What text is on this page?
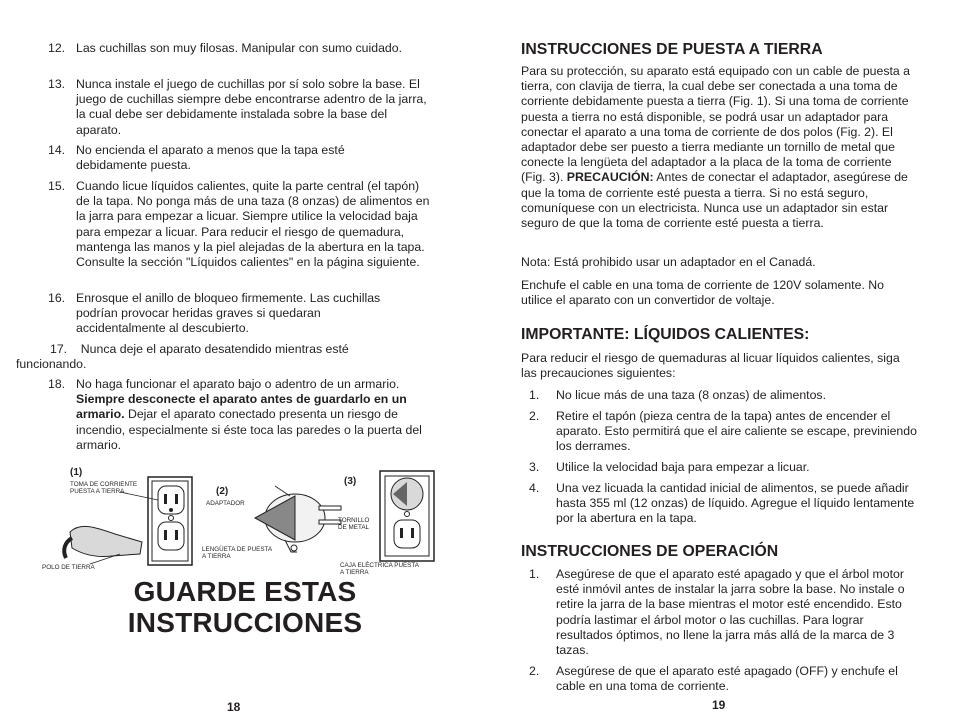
12. Las cuchillas son muy filosas. Manipular con sumo cuidado.
13. Nunca instale el juego de cuchillas por sí solo sobre la base. El juego de cuchillas siempre debe encontrarse adentro de la jarra, la cual debe ser debidamente instalada sobre la base del aparato.
14. No encienda el aparato a menos que la tapa esté debidamente puesta.
15. Cuando licue líquidos calientes, quite la parte central (el tapón) de la tapa. No ponga más de una taza (8 onzas) de alimentos en la jarra para empezar a licuar. Siempre utilice la velocidad baja para empezar a licuar. Para reducir el riesgo de quemadura, mantenga las manos y la piel alejadas de la abertura en la tapa. Consulte la sección "Líquidos calientes" en la página siguiente.
16. Enrosque el anillo de bloqueo firmemente. Las cuchillas podrían provocar heridas graves si quedaran accidentalmente al descubierto.
17. Nunca deje el aparato desatendido mientras esté funcionando.
18. No haga funcionar el aparato bajo o adentro de un armario. Siempre desconecte el aparato antes de guardarlo en un armario. Dejar el aparato conectado presenta un riesgo de incendio, especialmente si éste toca las paredes o la puerta del armario.
(1)
TOMA DE CORRIENTE PUESTA A TIERRA
POLO DE TIERRA
(2)
ADAPTADOR
LENGÜETA DE PUESTA A TIERRA
(3)
TORNILLO DE METAL
CAJA ELÉCTRICA PUESTA A TIERRA
GUARDE ESTAS
INSTRUCCIONES
18
INSTRUCCIONES DE PUESTA A TIERRA
Para su protección, su aparato está equipado con un cable de puesta a tierra, con clavija de tierra, la cual debe ser conectada a una toma de corriente debidamente puesta a tierra (Fig. 1). Si una toma de corriente puesta a tierra no está disponible, se podrá usar un adaptador para conectar el aparato a una toma de corriente de dos polos (Fig. 2). El adaptador debe ser puesto a tierra mediante un tornillo de metal que conecte la lengüeta del adaptador a la placa de la toma de corriente (Fig. 3). PRECAUCIÓN: Antes de conectar el adaptador, asegúrese de que la toma de corriente esté puesta a tierra. Si no está seguro, comuníquese con un electricista. Nunca use un adaptador sin estar seguro de que la toma de corriente esté puesta a tierra.
Nota: Está prohibido usar un adaptador en el Canadá.
Enchufe el cable en una toma de corriente de 120V solamente. No utilice el aparato con un convertidor de voltaje.
IMPORTANTE: LÍQUIDOS CALIENTES:
Para reducir el riesgo de quemaduras al licuar líquidos calientes, siga las precauciones siguientes:
1. No licue más de una taza (8 onzas) de alimentos.
2. Retire el tapón (pieza centra de la tapa) antes de encender el aparato. Esto permitirá que el aire caliente se escape, previniendo los derrames.
3. Utilice la velocidad baja para empezar a licuar.
4. Una vez licuada la cantidad inicial de alimentos, se puede añadir hasta 355 ml (12 onzas) de líquido. Agregue el líquido lentamente por la abertura en la tapa.
INSTRUCCIONES DE OPERACIÓN
1. Asegúrese de que el aparato esté apagado y que el árbol motor esté inmóvil antes de instalar la jarra sobre la base. No instale o retire la jarra de la base mientras el motor esté encendido. Esto podría lastimar el árbol motor o las cuchillas. Para lograr resultados óptimos, no llene la jarra más allá de la marca de 3 tazas.
2. Asegúrese de que el aparato esté apagado (OFF) y enchufe el cable en una toma de corriente.
19
